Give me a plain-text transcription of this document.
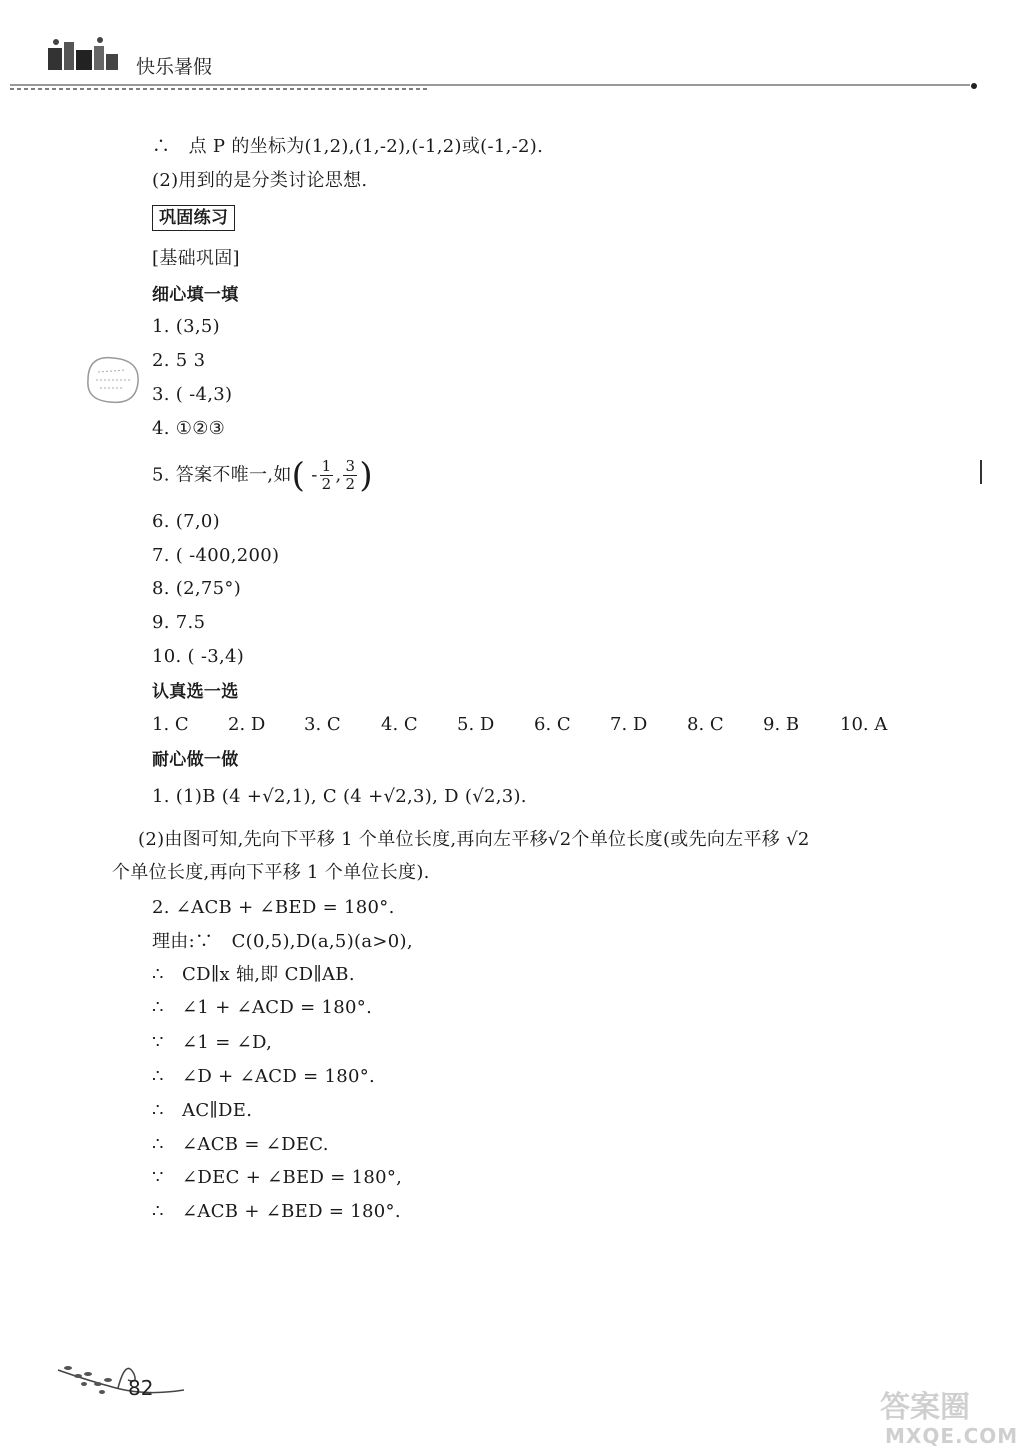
快乐暑假
∴　点 P 的坐标为(1,2),(1,-2),(-1,2)或(-1,-2).
(2)用到的是分类讨论思想.
巩固练习
[基础巩固]
细心填一填
1. (3,5)
2. 5 3
3. ( -4,3)
4. ①②③
5. 答案不唯一,如( - $\frac{1}{2}$ , $\frac{3}{2}$ )
6. (7,0)
7. ( -400,200)
8. (2,75°)
9. 7.5
10. ( -3,4)
认真选一选
1. C 2. D 3. C 4. C 5. D 6. C 7. D 8. C 9. B 10. A
耐心做一做
1. (1)B (4 +√2,1), C (4 +√2,3), D (√2,3).
(2)由图可知,先向下平移 1 个单位长度,再向左平移√2个单位长度(或先向左平移 √2
个单位长度,再向下平移 1 个单位长度).
2. ∠ACB + ∠BED = 180°.
理由:∵　C(0,5),D(a,5)(a>0),
∴　CD∥x 轴,即 CD∥AB.
∴　∠1 + ∠ACD = 180°.
∵　∠1 = ∠D,
∴　∠D + ∠ACD = 180°.
∴　AC∥DE.
∴　∠ACB = ∠DEC.
∵　∠DEC + ∠BED = 180°,
∴　∠ACB + ∠BED = 180°.
82
答案圈
MXQE.COM
